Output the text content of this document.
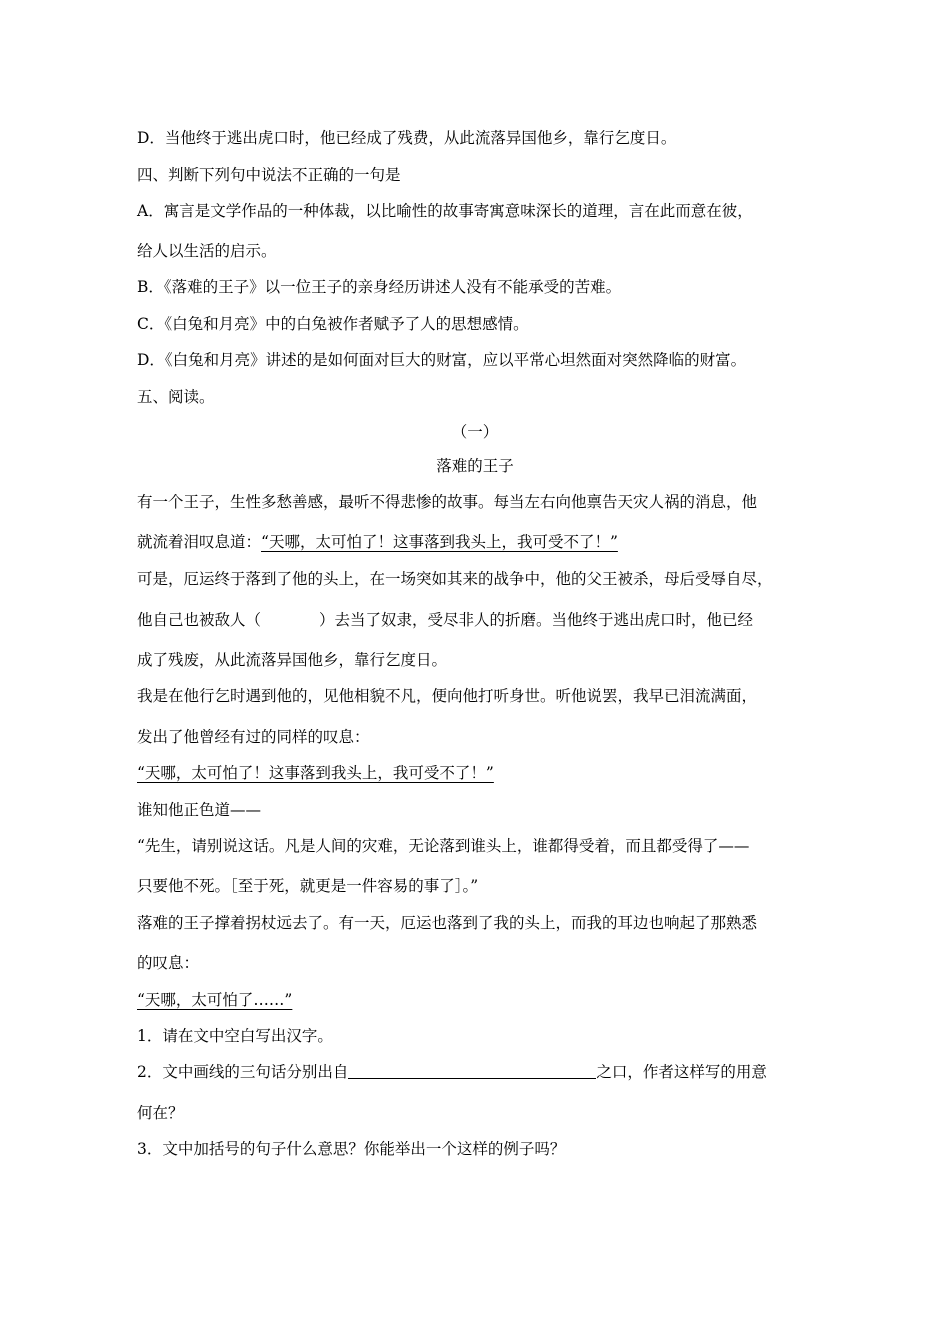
D．当他终于逃出虎口时，他已经成了残费，从此流落异国他乡，靠行乞度日。
四、判断下列句中说法不正确的一句是
A．寓言是文学作品的一种体裁，以比喻性的故事寄寓意味深长的道理，言在此而意在彼，
给人以生活的启示。
B．《落难的王子》以一位王子的亲身经历讲述人没有不能承受的苦难。
C．《白兔和月亮》中的白兔被作者赋予了人的思想感情。
D．《白兔和月亮》讲述的是如何面对巨大的财富，应以平常心坦然面对突然降临的财富。
五、阅读。
（一）
落难的王子
有一个王子，生性多愁善感，最听不得悲惨的故事。每当左右向他禀告天灾人祸的消息，他
就流着泪叹息道：“天哪，太可怕了！这事落到我头上，我可受不了！”
可是，厄运终于落到了他的头上，在一场突如其来的战争中，他的父王被杀，母后受辱自尽，
他自己也被敌人（	）去当了奴隶，受尽非人的折磨。当他终于逃出虎口时，他已经
成了残废，从此流落异国他乡，靠行乞度日。
我是在他行乞时遇到他的，见他相貌不凡，便向他打听身世。听他说罢，我早已泪流满面，
发出了他曾经有过的同样的叹息：
“天哪，太可怕了！这事落到我头上，我可受不了！”
谁知他正色道——
“先生，请别说这话。凡是人间的灾难，无论落到谁头上，谁都得受着，而且都受得了——
只要他不死。［至于死，就更是一件容易的事了］。”
落难的王子撑着拐杖远去了。有一天，厄运也落到了我的头上，而我的耳边也响起了那熟悉
的叹息：
“天哪，太可怕了……”
1．请在文中空白写出汉字。
2．文中画线的三句话分别出自	之口，作者这样写的用意
何在？
3．文中加括号的句子什么意思？你能举出一个这样的例子吗？
